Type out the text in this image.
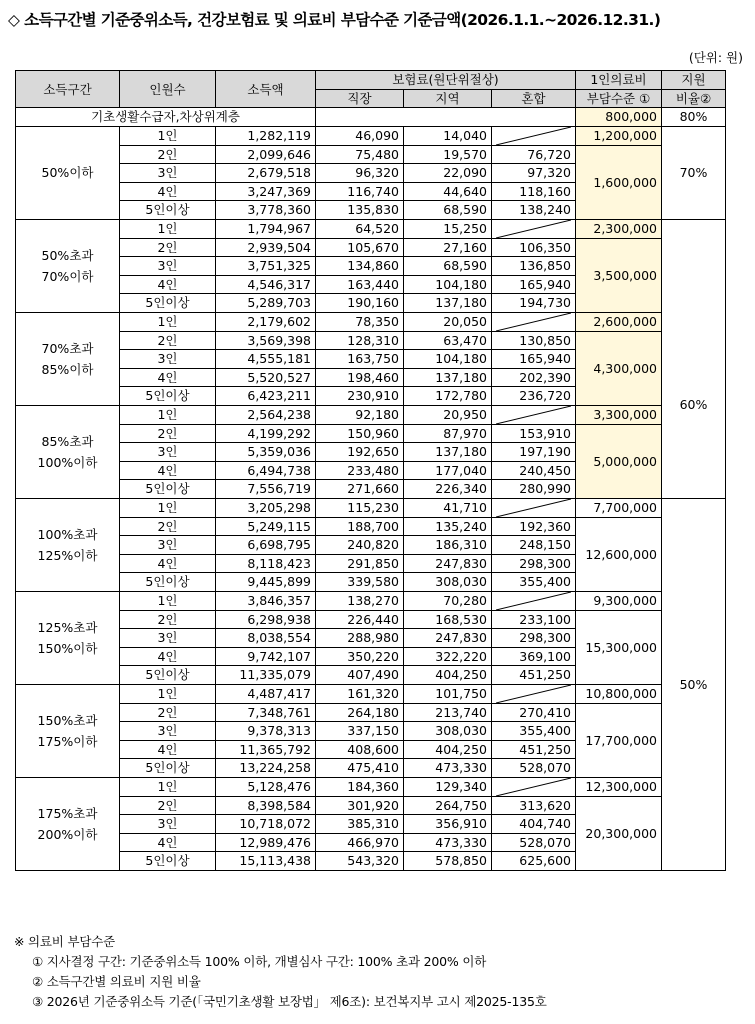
◇ 소득구간별 기준중위소득, 건강보험료 및 의료비 부담수준 기준금액(2026.1.1.~2026.12.31.)
(단위: 원)
소득구간	인원수	소득액	보험료(원단위절상)			1인의료비	지원
			직장	지역	혼합	부담수준 ①	비율②
기초생활수급자,차상위계층						800,000	80%

50%이하	1인	1,282,119	46,090	14,040		1,200,000	70%
	2인	2,099,646	75,480	19,570	76,720	1,600,000	
	3인	2,679,518	96,320	22,090	97,320		
	4인	3,247,369	116,740	44,640	118,160		
	5인이상	3,778,360	135,830	68,590	138,240		

50%초과
70%이하	1인	1,794,967	64,520	15,250		2,300,000	
	2인	2,939,504	105,670	27,160	106,350	3,500,000	
	3인	3,751,325	134,860	68,590	136,850		
	4인	4,546,317	163,440	104,180	165,940		
	5인이상	5,289,703	190,160	137,180	194,730		

70%초과
85%이하	1인	2,179,602	78,350	20,050		2,600,000	60%
	2인	3,569,398	128,310	63,470	130,850	4,300,000	
	3인	4,555,181	163,750	104,180	165,940		
	4인	5,520,527	198,460	137,180	202,390		
	5인이상	6,423,211	230,910	172,780	236,720		

85%초과
100%이하	1인	2,564,238	92,180	20,950		3,300,000	
	2인	4,199,292	150,960	87,970	153,910	5,000,000	
	3인	5,359,036	192,650	137,180	197,190		
	4인	6,494,738	233,480	177,040	240,450		
	5인이상	7,556,719	271,660	226,340	280,990		

100%초과
125%이하	1인	3,205,298	115,230	41,710		7,700,000	50%
	2인	5,249,115	188,700	135,240	192,360	12,600,000	
	3인	6,698,795	240,820	186,310	248,150		
	4인	8,118,423	291,850	247,830	298,300		
	5인이상	9,445,899	339,580	308,030	355,400		

125%초과
150%이하	1인	3,846,357	138,270	70,280		9,300,000	
	2인	6,298,938	226,440	168,530	233,100	15,300,000	
	3인	8,038,554	288,980	247,830	298,300		
	4인	9,742,107	350,220	322,220	369,100		
	5인이상	11,335,079	407,490	404,250	451,250		

150%초과
175%이하	1인	4,487,417	161,320	101,750		10,800,000	
	2인	7,348,761	264,180	213,740	270,410	17,700,000	
	3인	9,378,313	337,150	308,030	355,400		
	4인	11,365,792	408,600	404,250	451,250		
	5인이상	13,224,258	475,410	473,330	528,070		

175%초과
200%이하	1인	5,128,476	184,360	129,340		12,300,000	
	2인	8,398,584	301,920	264,750	313,620	20,300,000	
	3인	10,718,072	385,310	356,910	404,740		
	4인	12,989,476	466,970	473,330	528,070		
	5인이상	15,113,438	543,320	578,850	625,600		
※ 의료비 부담수준
① 지사결정 구간: 기준중위소득 100% 이하, 개별심사 구간: 100% 초과 200% 이하
② 소득구간별 의료비 지원 비율
③ 2026년 기준중위소득 기준(「국민기초생활 보장법」 제6조): 보건복지부 고시 제2025-135호
